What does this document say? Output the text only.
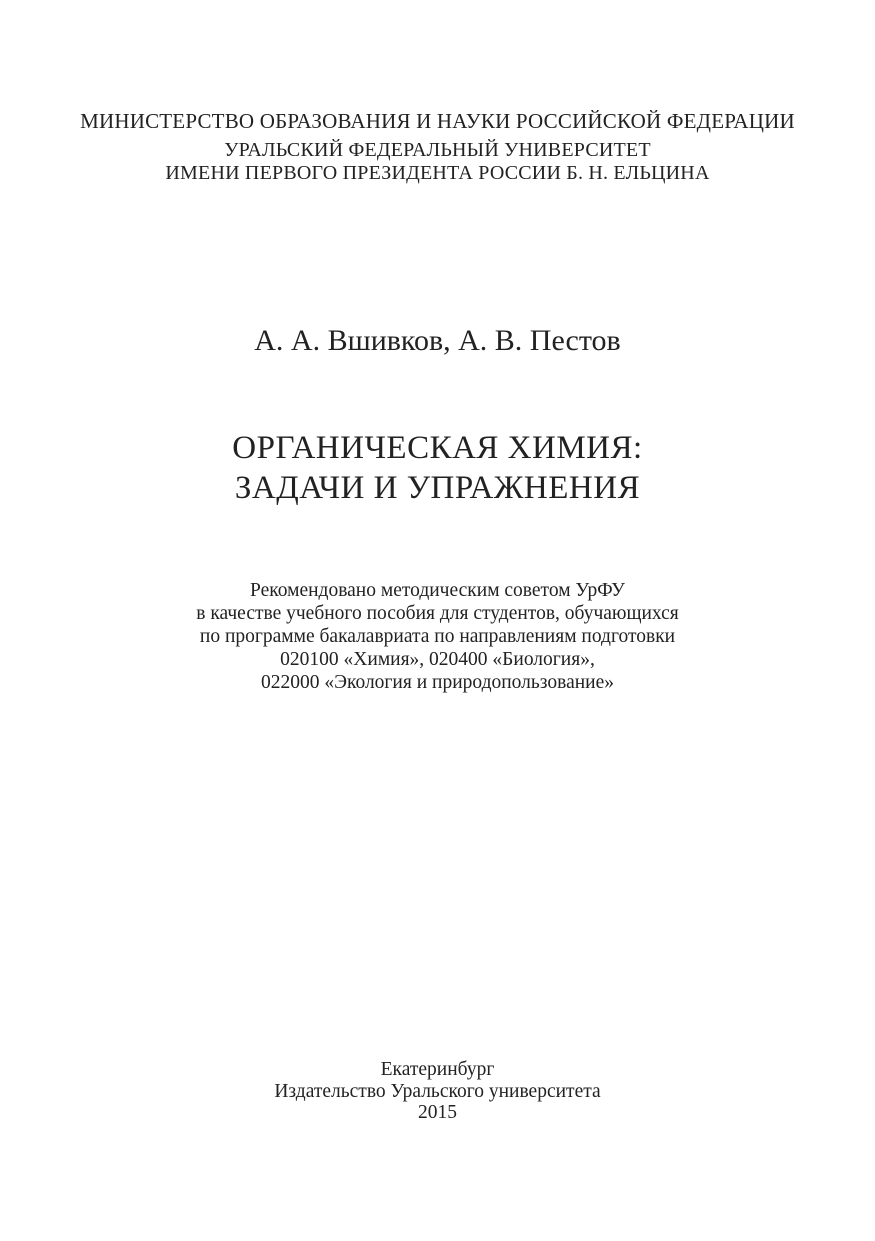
МИНИСТЕРСТВО ОБРАЗОВАНИЯ И НАУКИ РОССИЙСКОЙ ФЕДЕРАЦИИ
УРАЛЬСКИЙ ФЕДЕРАЛЬНЫЙ УНИВЕРСИТЕТ
ИМЕНИ ПЕРВОГО ПРЕЗИДЕНТА РОССИИ Б. Н. ЕЛЬЦИНА
А. А. Вшивков, А. В. Пестов
ОРГАНИЧЕСКАЯ ХИМИЯ:
ЗАДАЧИ И УПРАЖНЕНИЯ
Рекомендовано методическим советом УрФУ
в качестве учебного пособия для студентов, обучающихся
по программе бакалавриата по направлениям подготовки
020100 «Химия», 020400 «Биология»,
022000 «Экология и природопользование»
Екатеринбург
Издательство Уральского университета
2015
